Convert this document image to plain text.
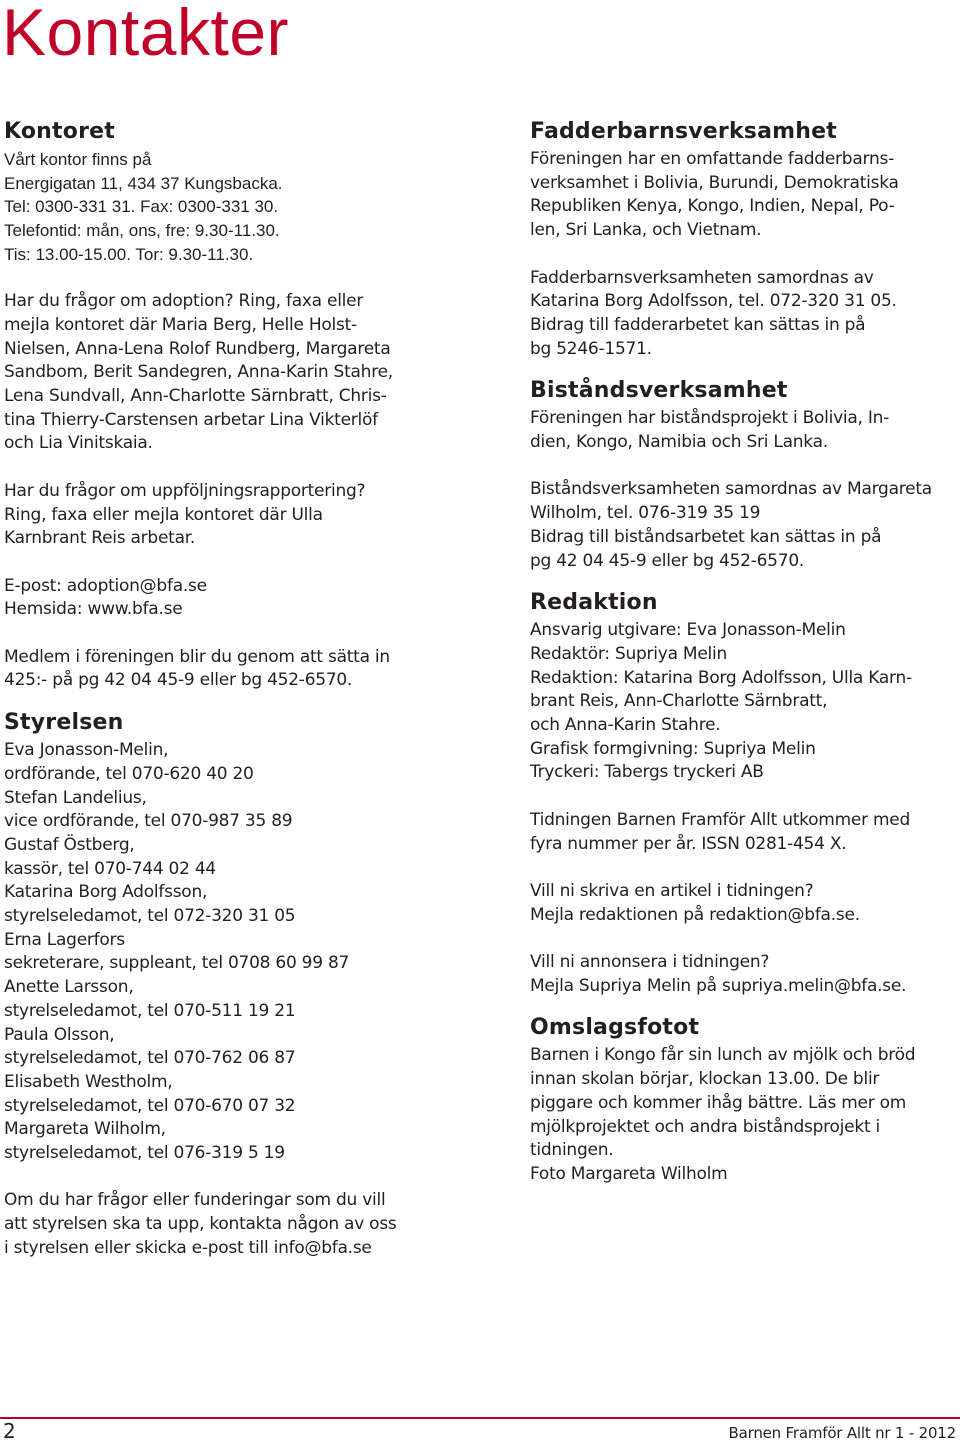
Kontakter
Kontoret

Vårt kontor finns på
Energigatan 11, 434 37 Kungsbacka.
Tel: 0300-331 31. Fax: 0300-331 30.
Telefontid: mån, ons, fre: 9.30-11.30.
Tis: 13.00-15.00. Tor: 9.30-11.30.

Har du frågor om adoption? Ring, faxa eller
mejla kontoret där Maria Berg, Helle Holst-
Nielsen, Anna-Lena Rolof Rundberg, Margareta
Sandbom, Berit Sandegren, Anna-Karin Stahre,
Lena Sundvall, Ann-Charlotte Särnbratt, Chris-
tina Thierry-Carstensen arbetar Lina Vikterlöf
och Lia Vinitskaia.

Har du frågor om uppföljningsrapportering?
Ring, faxa eller mejla kontoret där Ulla
Karnbrant Reis arbetar.

E-post: adoption@bfa.se
Hemsida: www.bfa.se

Medlem i föreningen blir du genom att sätta in
425:- på pg 42 04 45-9 eller bg 452-6570.

Styrelsen

Eva Jonasson-Melin,
ordförande, tel 070-620 40 20
Stefan Landelius,
vice ordförande, tel 070-987 35 89
Gustaf Östberg,
kassör, tel 070-744 02 44
Katarina Borg Adolfsson,
styrelseledamot, tel 072-320 31 05
Erna Lagerfors
sekreterare, suppleant, tel 0708 60 99 87
Anette Larsson,
styrelseledamot, tel 070-511 19 21
Paula Olsson,
styrelseledamot, tel 070-762 06 87
Elisabeth Westholm,
styrelseledamot, tel 070-670 07 32
Margareta Wilholm,
styrelseledamot, tel 076-319 5 19

Om du har frågor eller funderingar som du vill
att styrelsen ska ta upp, kontakta någon av oss
i styrelsen eller skicka e-post till info@bfa.se

Fadderbarnsverksamhet

Föreningen har en omfattande fadderbarns-
verksamhet i Bolivia, Burundi, Demokratiska
Republiken Kenya, Kongo, Indien, Nepal, Po-
len, Sri Lanka, och Vietnam.

Fadderbarnsverksamheten samordnas av
Katarina Borg Adolfsson, tel. 072-320 31 05.
Bidrag till fadderarbetet kan sättas in på
bg 5246-1571.

Biståndsverksamhet

Föreningen har biståndsprojekt i Bolivia, In-
dien, Kongo, Namibia och Sri Lanka.

Biståndsverksamheten samordnas av Margareta
Wilholm, tel. 076-319 35 19
Bidrag till biståndsarbetet kan sättas in på
pg 42 04 45-9 eller bg 452-6570.

Redaktion

Ansvarig utgivare: Eva Jonasson-Melin
Redaktör: Supriya Melin
Redaktion: Katarina Borg Adolfsson, Ulla Karn-
brant Reis, Ann-Charlotte Särnbratt,
och Anna-Karin Stahre.
Grafisk formgivning: Supriya Melin
Tryckeri: Tabergs tryckeri AB

Tidningen Barnen Framför Allt utkommer med
fyra nummer per år. ISSN 0281-454 X.

Vill ni skriva en artikel i tidningen?
Mejla redaktionen på redaktion@bfa.se.

Vill ni annonsera i tidningen?
Mejla Supriya Melin på supriya.melin@bfa.se.

Omslagsfotot

Barnen i Kongo får sin lunch av mjölk och bröd
innan skolan börjar, klockan 13.00. De blir
piggare och kommer ihåg bättre. Läs mer om
mjölkprojektet och andra biståndsprojekt i
tidningen.
Foto Margareta Wilholm

2	Barnen Framför Allt nr 1 - 2012
